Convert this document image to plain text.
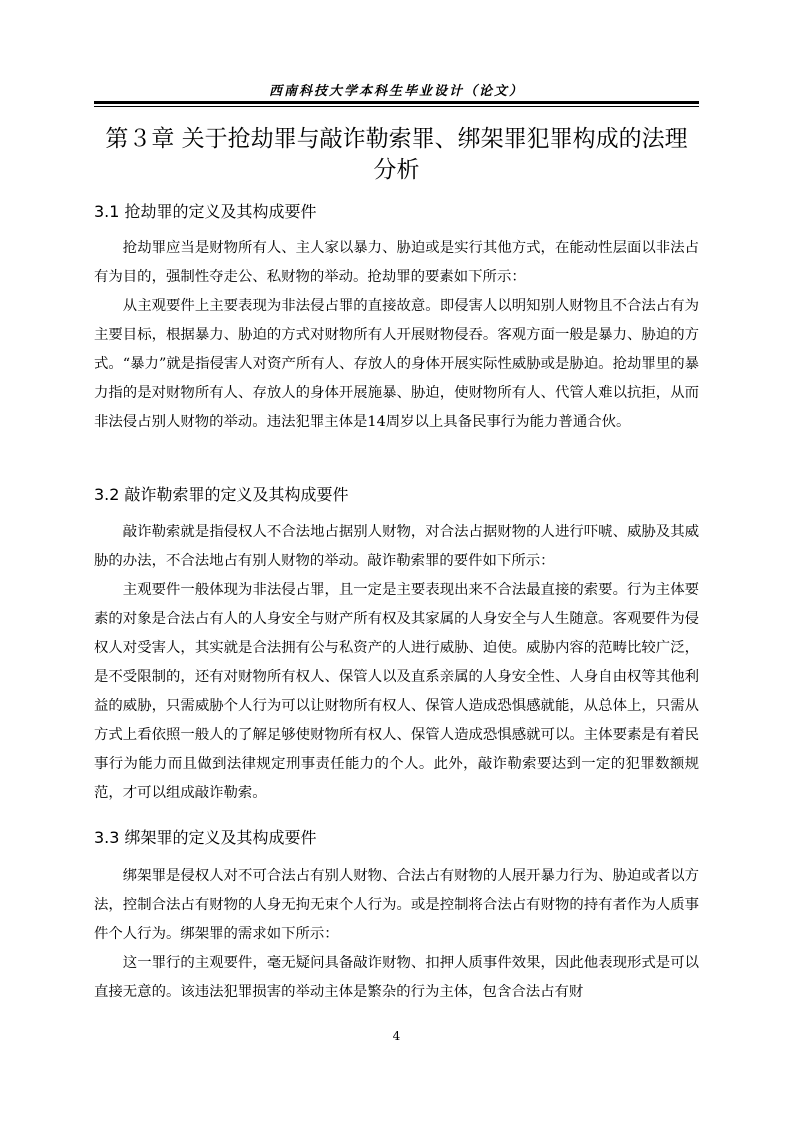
西南科技大学本科生毕业设计（论文）
第３章 关于抢劫罪与敲诈勒索罪、绑架罪犯罪构成的法理分析
3.1 抢劫罪的定义及其构成要件
抢劫罪应当是财物所有人、主人家以暴力、胁迫或是实行其他方式，在能动性层面以非法占有为目的，强制性夺走公、私财物的举动。抢劫罪的要素如下所示：
从主观要件上主要表现为非法侵占罪的直接故意。即侵害人以明知别人财物且不合法占有为主要目标，根据暴力、胁迫的方式对财物所有人开展财物侵吞。客观方面一般是暴力、胁迫的方式。“暴力”就是指侵害人对资产所有人、存放人的身体开展实际性威胁或是胁迫。抢劫罪里的暴力指的是对财物所有人、存放人的身体开展施暴、胁迫，使财物所有人、代管人难以抗拒，从而非法侵占别人财物的举动。违法犯罪主体是14周岁以上具备民事行为能力普通合伙。
3.2 敲诈勒索罪的定义及其构成要件
敲诈勒索就是指侵权人不合法地占据别人财物，对合法占据财物的人进行吓唬、威胁及其威胁的办法，不合法地占有别人财物的举动。敲诈勒索罪的要件如下所示：
主观要件一般体现为非法侵占罪，且一定是主要表现出来不合法最直接的索要。行为主体要素的对象是合法占有人的人身安全与财产所有权及其家属的人身安全与人生随意。客观要件为侵权人对受害人，其实就是合法拥有公与私资产的人进行威胁、迫使。威胁内容的范畴比较广泛，是不受限制的，还有对财物所有权人、保管人以及直系亲属的人身安全性、人身自由权等其他利益的威胁，只需威胁个人行为可以让财物所有权人、保管人造成恐惧感就能，从总体上，只需从方式上看依照一般人的了解足够使财物所有权人、保管人造成恐惧感就可以。主体要素是有着民事行为能力而且做到法律规定刑事责任能力的个人。此外，敲诈勒索要达到一定的犯罪数额规范，才可以组成敲诈勒索。
3.3 绑架罪的定义及其构成要件
绑架罪是侵权人对不可合法占有别人财物、合法占有财物的人展开暴力行为、胁迫或者以方法，控制合法占有财物的人身无拘无束个人行为。或是控制将合法占有财物的持有者作为人质事件个人行为。绑架罪的需求如下所示：
这一罪行的主观要件，毫无疑问具备敲诈财物、扣押人质事件效果，因此他表现形式是可以直接无意的。该违法犯罪损害的举动主体是繁杂的行为主体，包含合法占有财
4
